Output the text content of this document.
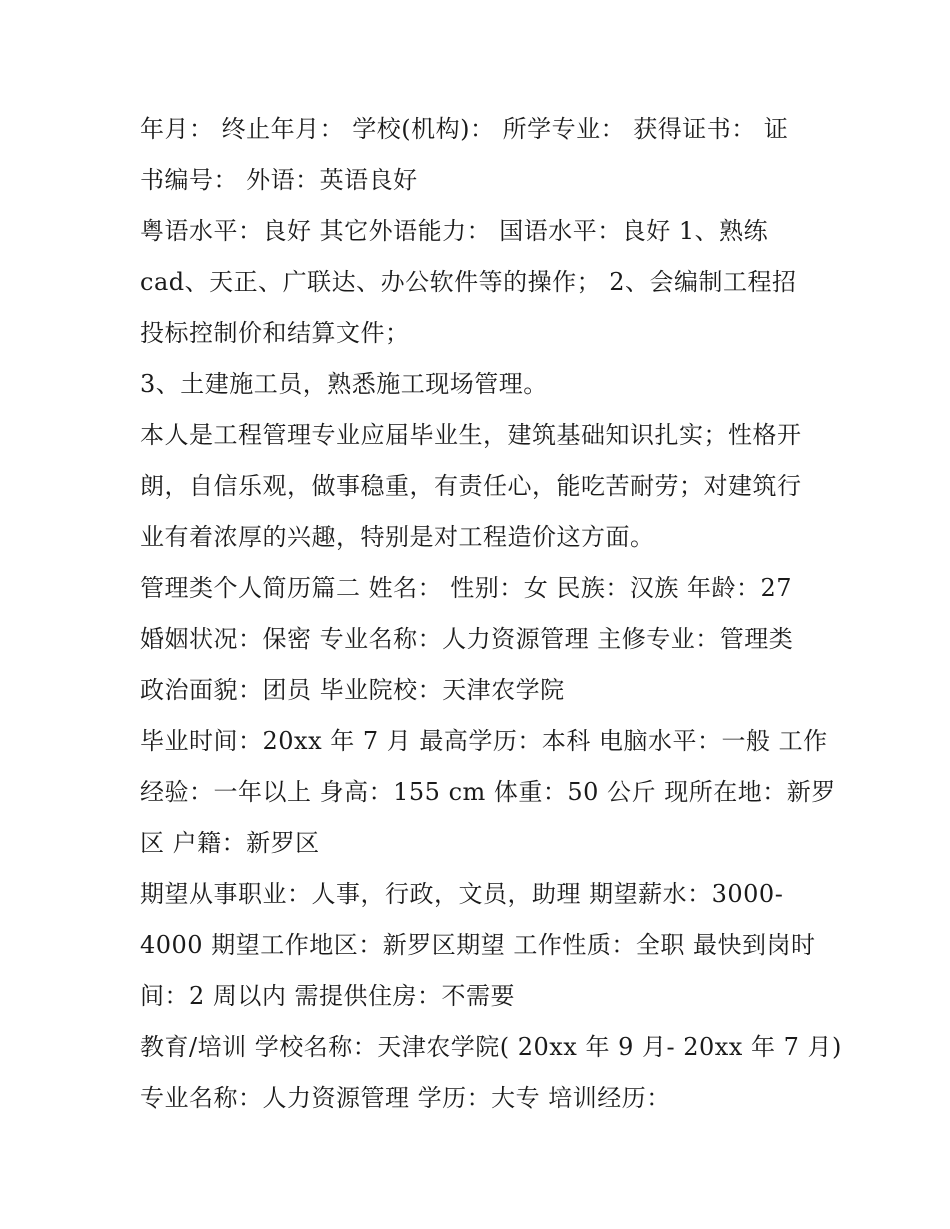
年月： 终止年月： 学校(机构)： 所学专业： 获得证书： 证
书编号： 外语：英语良好
粤语水平：良好 其它外语能力： 国语水平：良好 1、熟练
cad、天正、广联达、办公软件等的操作； 2、会编制工程招
投标控制价和结算文件；
3、土建施工员，熟悉施工现场管理。
本人是工程管理专业应届毕业生，建筑基础知识扎实；性格开
朗，自信乐观，做事稳重，有责任心，能吃苦耐劳；对建筑行
业有着浓厚的兴趣，特别是对工程造价这方面。
管理类个人简历篇二 姓名： 性别：女 民族：汉族 年龄：27
婚姻状况：保密 专业名称：人力资源管理 主修专业：管理类
政治面貌：团员 毕业院校：天津农学院
毕业时间：20xx 年 7 月 最高学历：本科 电脑水平：一般 工作
经验：一年以上 身高：155 cm 体重：50 公斤 现所在地：新罗
区 户籍：新罗区
期望从事职业：人事，行政，文员，助理 期望薪水：3000-
4000 期望工作地区：新罗区期望 工作性质：全职 最快到岗时
间：2 周以内 需提供住房：不需要
教育/培训 学校名称：天津农学院( 20xx 年 9 月- 20xx 年 7 月)
专业名称：人力资源管理 学历：大专 培训经历：
